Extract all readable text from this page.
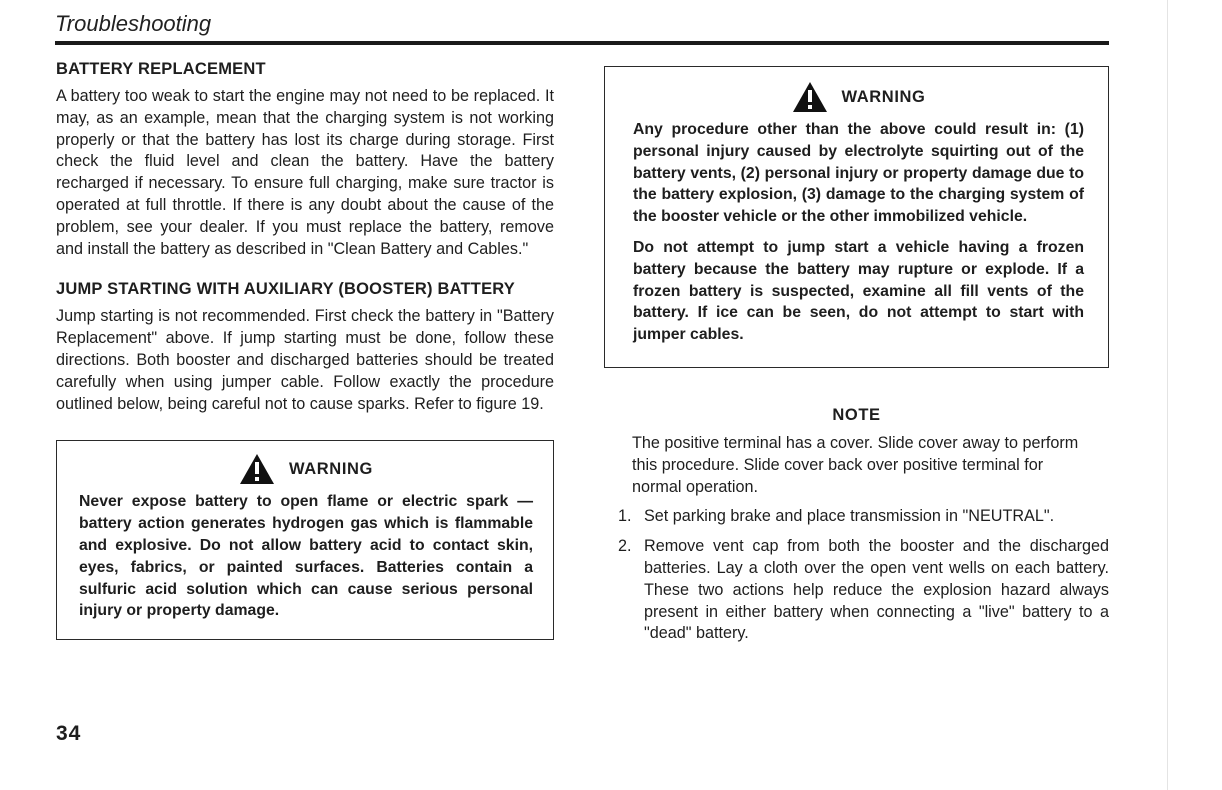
Troubleshooting
BATTERY REPLACEMENT

A battery too weak to start the engine may not need to be replaced. It may, as an example, mean that the charging system is not working properly or that the battery has lost its charge during storage. First check the fluid level and clean the battery. Have the battery recharged if necessary. To ensure full charging, make sure tractor is operated at full throttle. If there is any doubt about the cause of the problem, see your dealer. If you must replace the battery, remove and install the battery as described in "Clean Battery and Cables."

JUMP STARTING WITH AUXILIARY (BOOSTER) BATTERY

Jump starting is not recommended. First check the battery in "Battery Replacement" above. If jump starting must be done, follow these directions. Both booster and discharged batteries should be treated carefully when using jumper cable. Follow exactly the procedure outlined below, being careful not to cause sparks. Refer to figure 19.

WARNING

Never expose battery to open flame or electric spark — battery action generates hydrogen gas which is flammable and explosive. Do not allow battery acid to contact skin, eyes, fabrics, or painted surfaces. Batteries contain a sulfuric acid solution which can cause serious personal injury or property damage.

WARNING

Any procedure other than the above could result in: (1) personal injury caused by electrolyte squirting out of the battery vents, (2) personal injury or property damage due to the battery explosion, (3) damage to the charging system of the booster vehicle or the other immobilized vehicle.

Do not attempt to jump start a vehicle having a frozen battery because the battery may rupture or explode. If a frozen battery is suspected, examine all fill vents of the battery. If ice can be seen, do not attempt to start with jumper cables.

NOTE

The positive terminal has a cover. Slide cover away to perform this procedure. Slide cover back over positive terminal for normal operation.

1. Set parking brake and place transmission in "NEUTRAL".
2. Remove vent cap from both the booster and the discharged batteries. Lay a cloth over the open vent wells on each battery. These two actions help reduce the explosion hazard always present in either battery when connecting a "live" battery to a "dead" battery.
34
